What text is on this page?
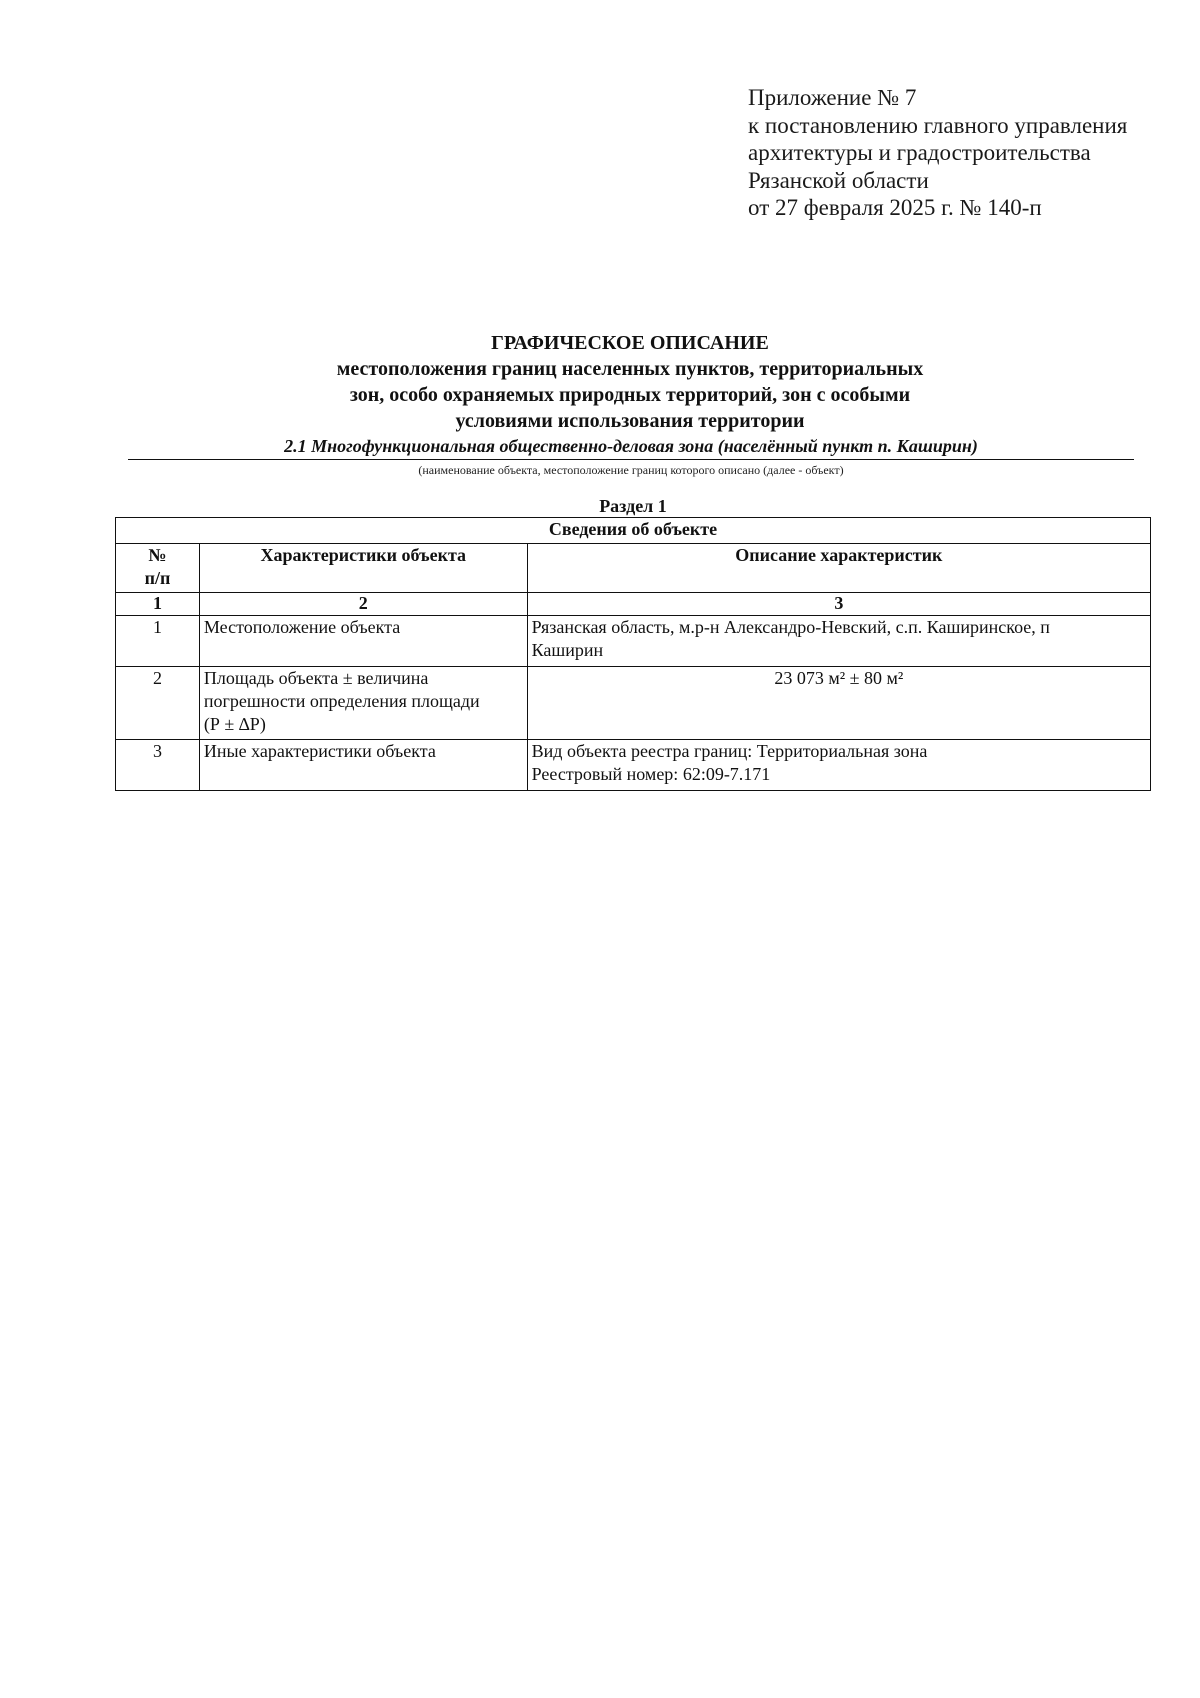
Приложение № 7
к постановлению главного управления
архитектуры и градостроительства
Рязанской области
от 27 февраля 2025 г. № 140-п
ГРАФИЧЕСКОЕ ОПИСАНИЕ
местоположения границ населенных пунктов, территориальных
зон, особо охраняемых природных территорий, зон с особыми
условиями использования территории
2.1 Многофункциональная общественно-деловая зона (населённый пункт п. Каширин)
(наименование объекта, местоположение границ которого описано (далее - объект)
Раздел 1
Сведения об объекте		

№
п/п	Характеристики объекта	Описание характеристик
1	2	3
1	Местоположение объекта	Рязанская область, м.р-н Александро-Невский, с.п. Каширинское, п
Каширин

2	Площадь объекта ± величина
погрешности определения площади
(Р ± ∆Р)	23 073 м² ± 80 м²
3	Иные характеристики объекта	Вид объекта реестра границ: Территориальная зона
Реестровый номер: 62:09-7.171
